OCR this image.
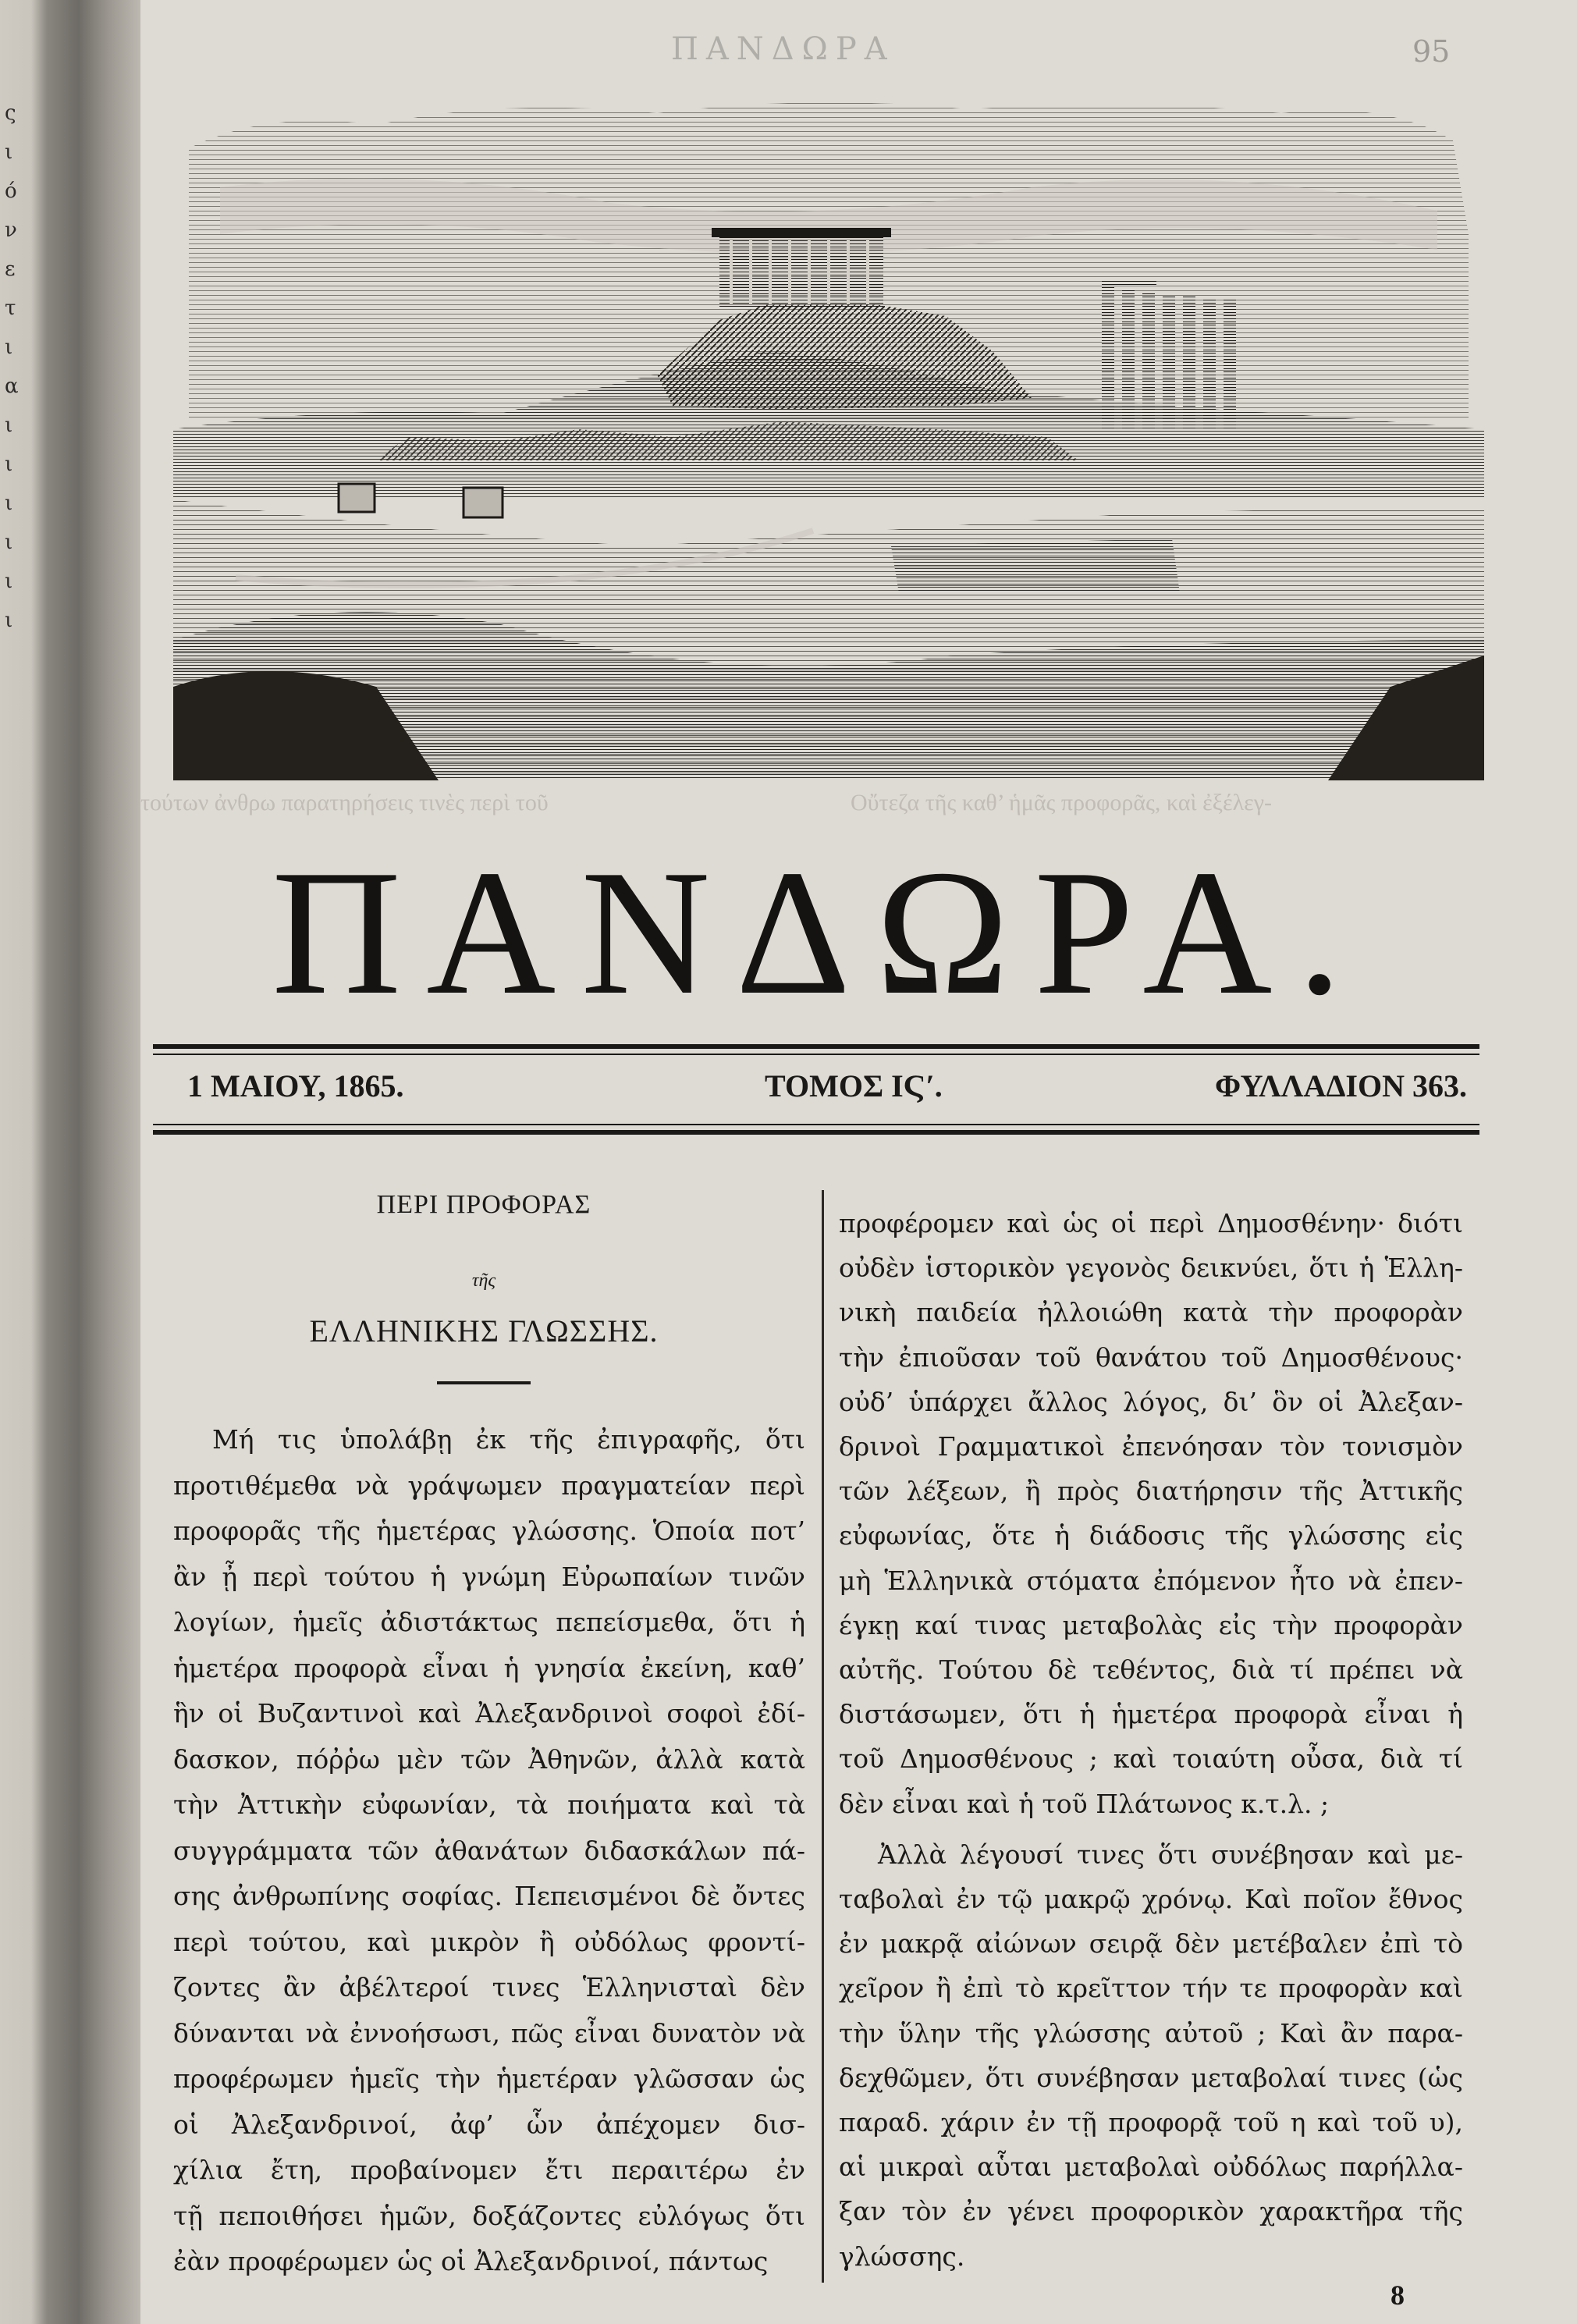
ς
ι
ό
ν
ε
τ
ι
α
ι
ι
ι
ι
ι
ι
ΠΑΝΔΩΡΑ	95
τούτων ἀνθρω παρατηρήσεις τινὲς περὶ τοῦ	Οὔτεζα τῆς καθ’ ἡμᾶς προφορᾶς, καὶ ἐξέλεγ-
ΠΑΝΔΩΡΑ.
1 ΜΑΙΟΥ, 1865.	ΤΟΜΟΣ ΙϚʹ.	ΦΥΛΛΑΔΙΟΝ 363.
ΠΕΡΙ ΠΡΟΦΟΡΑΣ
τῆς
ΕΛΛΗΝΙΚΗΣ ΓΛΩΣΣΗΣ.
8
Μή τις ὑπολάβῃ ἐκ τῆς ἐπιγραφῆς, ὅτι
προτιθέμεθα νὰ γράψωμεν πραγματείαν περὶ
προφορᾶς τῆς ἡμετέρας γλώσσης. Ὁποία ποτ’
ἂν ᾖ περὶ τούτου ἡ γνώμη Εὐρωπαίων τινῶν
λογίων, ἡμεῖς ἀδιστάκτως πεπείσμεθα, ὅτι ἡ
ἡμετέρα προφορὰ εἶναι ἡ γνησία ἐκείνη, καθ’
ἣν οἱ Βυζαντινοὶ καὶ Ἀλεξανδρινοὶ σοφοὶ ἐδί-
δασκον, πόῤῥω μὲν τῶν Ἀθηνῶν, ἀλλὰ κατὰ
τὴν Ἀττικὴν εὐφωνίαν, τὰ ποιήματα καὶ τὰ
συγγράμματα τῶν ἀθανάτων διδασκάλων πά-
σης ἀνθρωπίνης σοφίας. Πεπεισμένοι δὲ ὄντες
περὶ τούτου, καὶ μικρὸν ἢ οὐδόλως φροντί-
ζοντες ἂν ἀβέλτεροί τινες Ἑλληνισταὶ δὲν
δύνανται νὰ ἐννοήσωσι, πῶς εἶναι δυνατὸν νὰ
προφέρωμεν ἡμεῖς τὴν ἡμετέραν γλῶσσαν ὡς
οἱ Ἀλεξανδρινοί, ἀφ’ ὧν ἀπέχομεν δισ-
χίλια ἔτη, προβαίνομεν ἔτι περαιτέρω ἐν
τῇ πεποιθήσει ἡμῶν, δοξάζοντες εὐλόγως ὅτι
ἐὰν προφέρωμεν ὡς οἱ Ἀλεξανδρινοί, πάντως
προφέρομεν καὶ ὡς οἱ περὶ Δημοσθένην· διότι
οὐδὲν ἱστορικὸν γεγονὸς δεικνύει, ὅτι ἡ Ἑλλη-
νικὴ παιδεία ἠλλοιώθη κατὰ τὴν προφορὰν
τὴν ἐπιοῦσαν τοῦ θανάτου τοῦ Δημοσθένους·
οὐδ’ ὑπάρχει ἄλλος λόγος, δι’ ὃν οἱ Ἀλεξαν-
δρινοὶ Γραμματικοὶ ἐπενόησαν τὸν τονισμὸν
τῶν λέξεων, ἢ πρὸς διατήρησιν τῆς Ἀττικῆς
εὐφωνίας, ὅτε ἡ διάδοσις τῆς γλώσσης εἰς
μὴ Ἑλληνικὰ στόματα ἐπόμενον ἦτο νὰ ἐπεν-
έγκῃ καί τινας μεταβολὰς εἰς τὴν προφορὰν
αὐτῆς. Τούτου δὲ τεθέντος, διὰ τί πρέπει νὰ
διστάσωμεν, ὅτι ἡ ἡμετέρα προφορὰ εἶναι ἡ
τοῦ Δημοσθένους ; καὶ τοιαύτη οὖσα, διὰ τί
δὲν εἶναι καὶ ἡ τοῦ Πλάτωνος κ.τ.λ. ;
Ἀλλὰ λέγουσί τινες ὅτι συνέβησαν καὶ με-
ταβολαὶ ἐν τῷ μακρῷ χρόνῳ. Καὶ ποῖον ἔθνος
ἐν μακρᾷ αἰώνων σειρᾷ δὲν μετέβαλεν ἐπὶ τὸ
χεῖρον ἢ ἐπὶ τὸ κρεῖττον τήν τε προφορὰν καὶ
τὴν ὕλην τῆς γλώσσης αὐτοῦ ; Καὶ ἂν παρα-
δεχθῶμεν, ὅτι συνέβησαν μεταβολαί τινες (ὡς
παραδ. χάριν ἐν τῇ προφορᾷ τοῦ η καὶ τοῦ υ),
αἱ μικραὶ αὗται μεταβολαὶ οὐδόλως παρήλλα-
ξαν τὸν ἐν γένει προφορικὸν χαρακτῆρα τῆς
γλώσσης.
